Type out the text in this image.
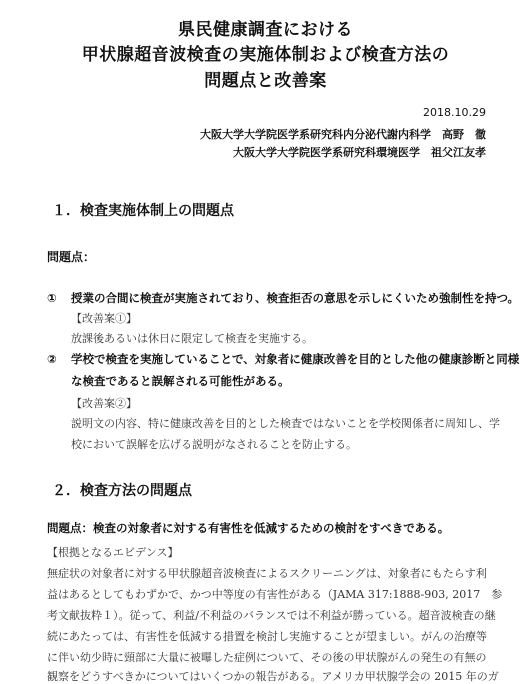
県民健康調査における
甲状腺超音波検査の実施体制および検査方法の
問題点と改善案
2018.10.29
大阪大学大学院医学系研究科内分泌代謝内科学　高野　徹
大阪大学大学院医学系研究科環境医学　祖父江友孝
１．検査実施体制上の問題点
問題点：
① 授業の合間に検査が実施されており、検査拒否の意思を示しにくいため強制性を持つ。
【改善案①】
放課後あるいは休日に限定して検査を実施する。
② 学校で検査を実施していることで、対象者に健康改善を目的とした他の健康診断と同様
な検査であると誤解される可能性がある。
【改善案②】
説明文の内容、特に健康改善を目的とした検査ではないことを学校関係者に周知し、学
校において誤解を広げる説明がなされることを防止する。
２．検査方法の問題点
問題点：検査の対象者に対する有害性を低減するための検討をすべきである。
【根拠となるエビデンス】
無症状の対象者に対する甲状腺超音波検査によるスクリーニングは、対象者にもたらす利
益はあるとしてもわずかで、かつ中等度の有害性がある（JAMA 317:1888-903, 2017　参
考文献抜粋１）。従って、利益/不利益のバランスでは不利益が勝っている。超音波検査の継
続にあたっては、有害性を低減する措置を検討し実施することが望ましい。がんの治療等
に伴い幼少時に頸部に大量に被曝した症例について、その後の甲状腺がんの発生の有無の
観察をどうすべきかについてはいくつかの報告がある。アメリカ甲状腺学会の 2015 年のガ
